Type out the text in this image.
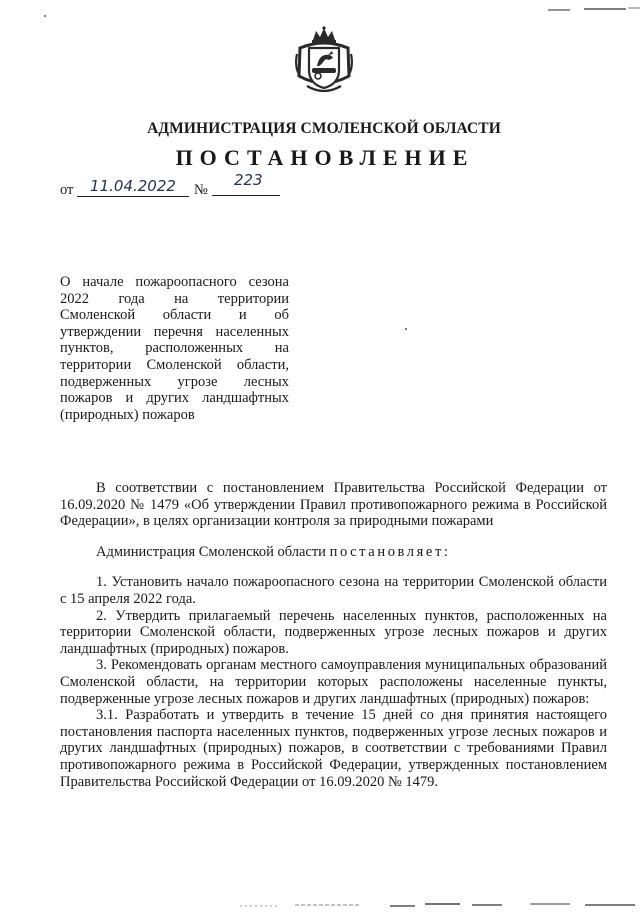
АДМИНИСТРАЦИЯ СМОЛЕНСКОЙ ОБЛАСТИ
ПОСТАНОВЛЕНИЕ
от	11.04.2022	№
223
О начале пожароопасного сезона 2022 года на территории Смоленской области и об утверждении перечня населенных пунктов, расположенных на территории Смоленской области, подверженных угрозе лесных пожаров и других ландшафтных (природных) пожаров

В соответствии с постановлением Правительства Российской Федерации от 16.09.2020 № 1479 «Об утверждении Правил противопожарного режима в Российской Федерации», в целях организации контроля за природными пожарами

Администрация Смоленской области постановляет:

1. Установить начало пожароопасного сезона на территории Смоленской области с 15 апреля 2022 года.

2. Утвердить прилагаемый перечень населенных пунктов, расположенных на территории Смоленской области, подверженных угрозе лесных пожаров и других ландшафтных (природных) пожаров.

3. Рекомендовать органам местного самоуправления муниципальных образований Смоленской области, на территории которых расположены населенные пункты, подверженные угрозе лесных пожаров и других ландшафтных (природных) пожаров:

3.1. Разработать и утвердить в течение 15 дней со дня принятия настоящего постановления паспорта населенных пунктов, подверженных угрозе лесных пожаров и других ландшафтных (природных) пожаров, в соответствии с требованиями Правил противопожарного режима в Российской Федерации, утвержденных постановлением Правительства Российской Федерации от 16.09.2020 № 1479.
